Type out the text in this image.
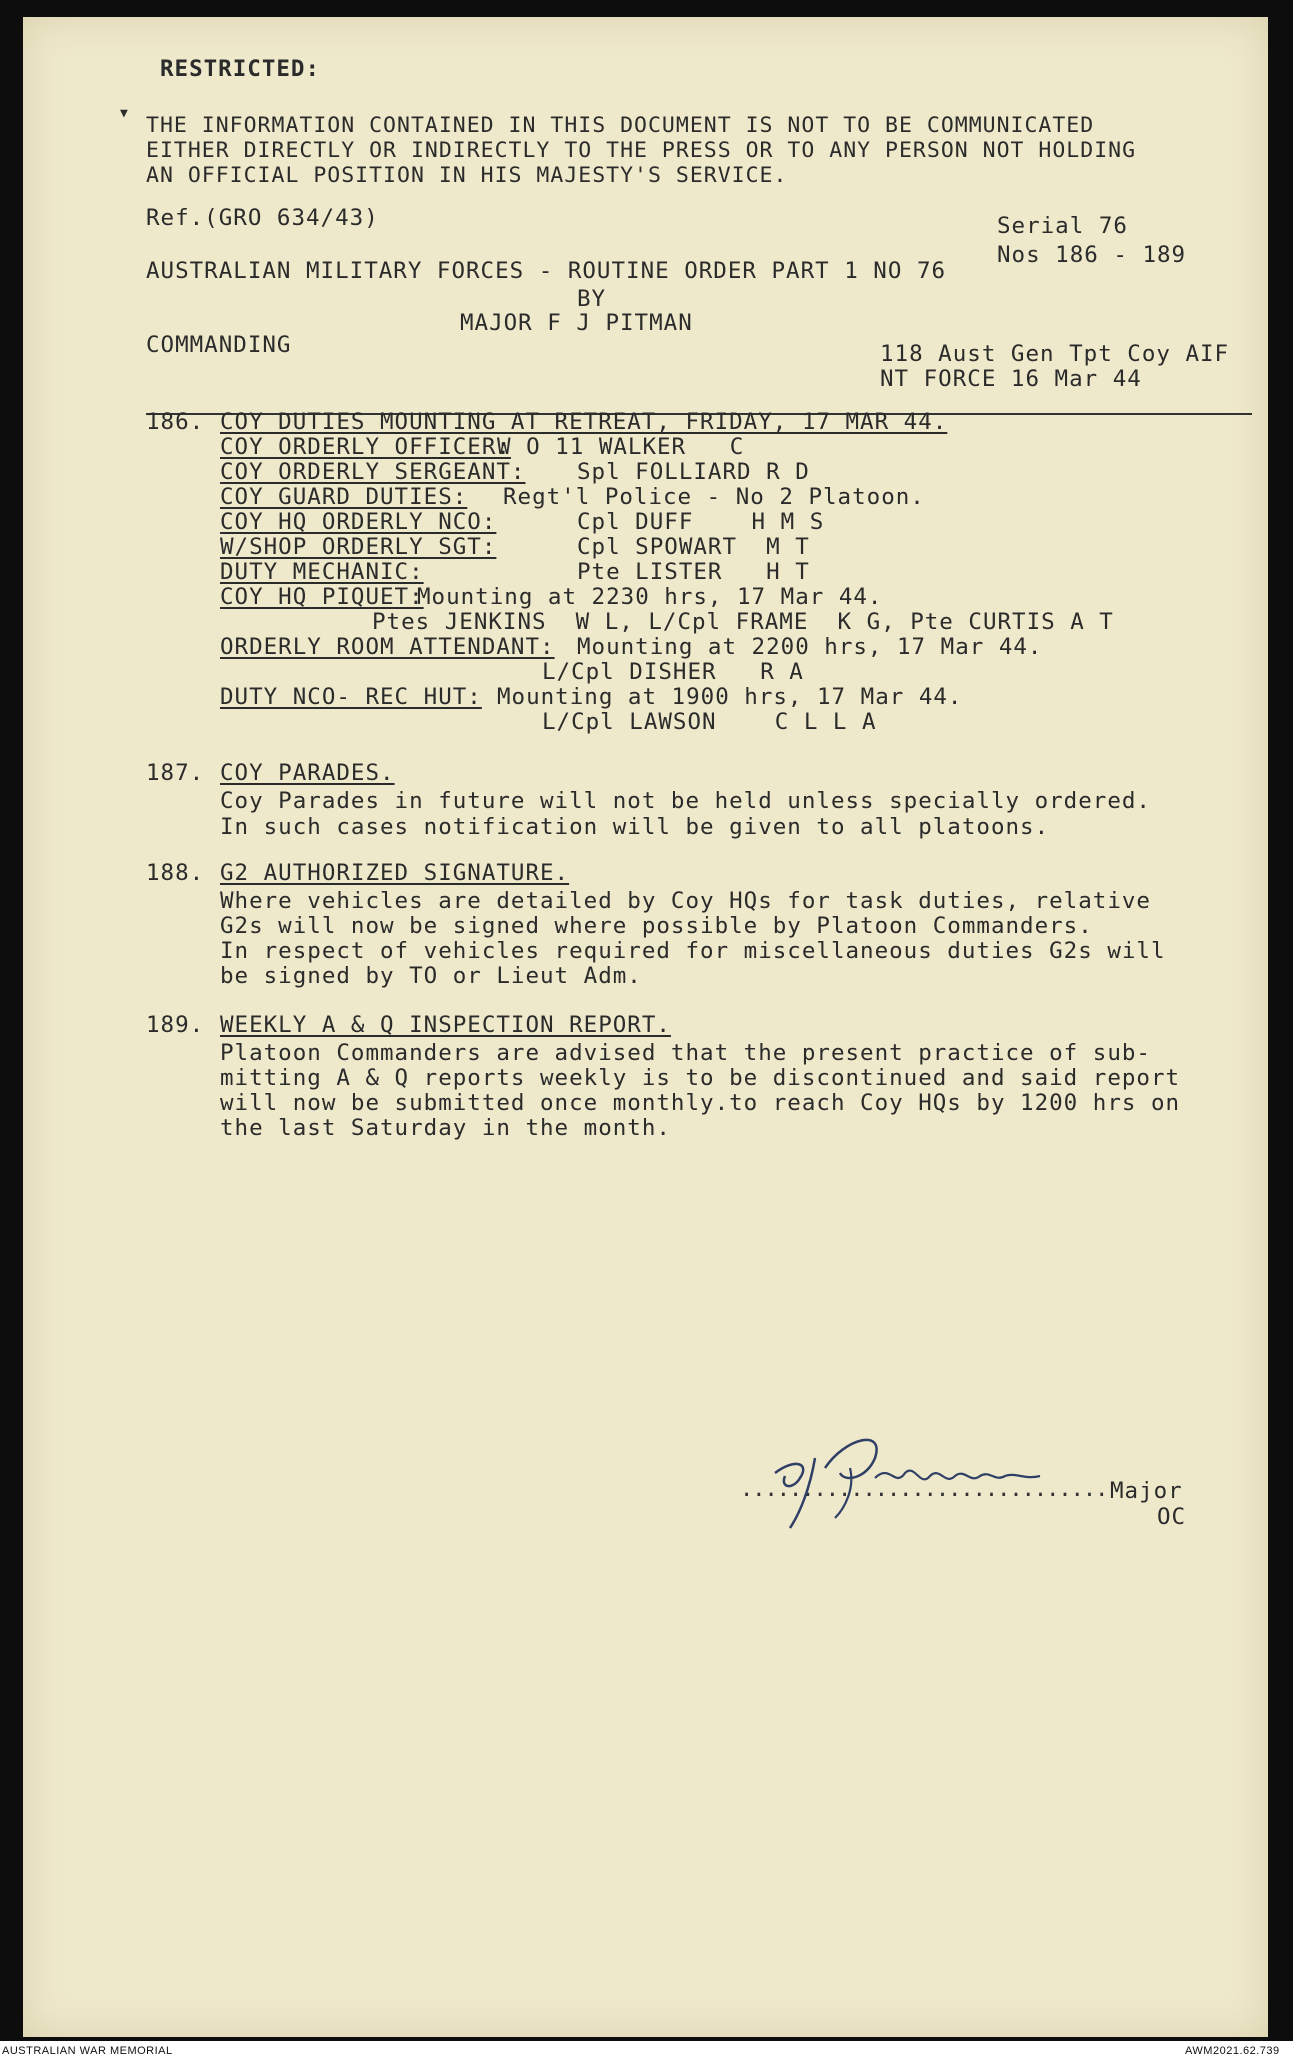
RESTRICTED:
▼ THE INFORMATION CONTAINED IN THIS DOCUMENT IS NOT TO BE COMMUNICATED
EITHER DIRECTLY OR INDIRECTLY TO THE PRESS OR TO ANY PERSON NOT HOLDING
AN OFFICIAL POSITION IN HIS MAJESTY'S SERVICE.
Ref.(GRO 634/43)	Serial 76
Nos 186 - 189
AUSTRALIAN MILITARY FORCES - ROUTINE ORDER PART 1 NO 76
BY
MAJOR F J PITMAN
COMMANDING	118 Aust Gen Tpt Coy AIF
NT FORCE 16 Mar 44
186. COY DUTIES MOUNTING AT RETREAT, FRIDAY, 17 MAR 44.
COY ORDERLY OFFICER:
W O 11 WALKER   C
COY ORDERLY SERGEANT: Spl FOLLIARD R D
COY GUARD DUTIES: Regt'l Police - No 2 Platoon.
COY HQ ORDERLY NCO:	Cpl DUFF    H M S
W/SHOP ORDERLY SGT:	Cpl SPOWART  M T
DUTY MECHANIC:	Pte LISTER   H T
COY HQ PIQUET:
Mounting at 2230 hrs, 17 Mar 44.
Ptes JENKINS  W L, L/Cpl FRAME  K G, Pte CURTIS A T
ORDERLY ROOM ATTENDANT: Mounting at 2200 hrs, 17 Mar 44.
L/Cpl DISHER   R A
DUTY NCO- REC HUT: Mounting at 1900 hrs, 17 Mar 44.
L/Cpl LAWSON    C L L A
187. COY PARADES.
Coy Parades in future will not be held unless specially ordered.
In such cases notification will be given to all platoons.
188. G2 AUTHORIZED SIGNATURE.
Where vehicles are detailed by Coy HQs for task duties, relative
G2s will now be signed where possible by Platoon Commanders.
In respect of vehicles required for miscellaneous duties G2s will
be signed by TO or Lieut Adm.
189. WEEKLY A & Q INSPECTION REPORT.
Platoon Commanders are advised that the present practice of sub-
mitting A & Q reports weekly is to be discontinued and said report
will now be submitted once monthly.to reach Coy HQs by 1200 hrs on
the last Saturday in the month.
.............................. Major
OC
AUSTRALIAN WAR MEMORIAL	AWM2021.62.739
